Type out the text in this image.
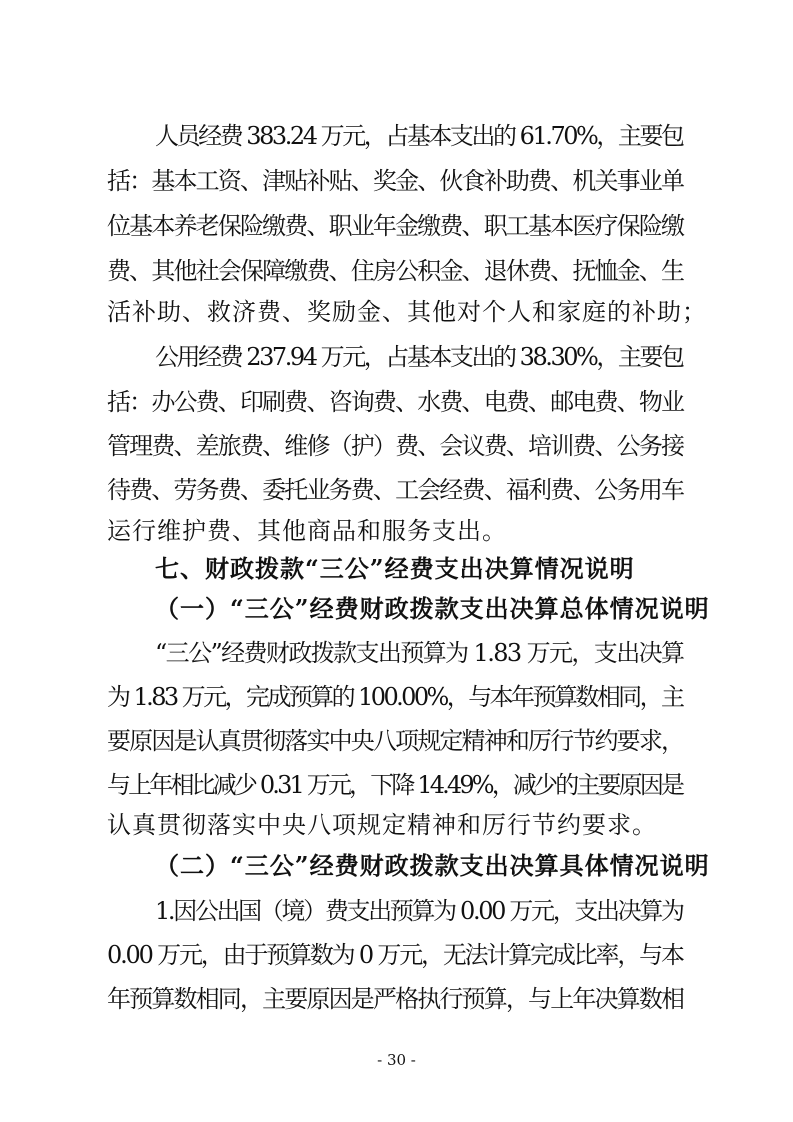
人员经费 383.24 万元，占基本支出的 61.70%，主要包
括：基本工资、津贴补贴、奖金、伙食补助费、机关事业单
位基本养老保险缴费、职业年金缴费、职工基本医疗保险缴
费、其他社会保障缴费、住房公积金、退休费、抚恤金、生
活补助、救济费、奖励金、其他对个人和家庭的补助；
公用经费 237.94 万元，占基本支出的 38.30%，主要包
括：办公费、印刷费、咨询费、水费、电费、邮电费、物业
管理费、差旅费、维修（护）费、会议费、培训费、公务接
待费、劳务费、委托业务费、工会经费、福利费、公务用车
运行维护费、其他商品和服务支出。
七、财政拨款“三公”经费支出决算情况说明
（一）“三公”经费财政拨款支出决算总体情况说明
“三公”经费财政拨款支出预算为 1.83 万元，支出决算
为 1.83 万元，完成预算的 100.00%，与本年预算数相同，主
要原因是认真贯彻落实中央八项规定精神和厉行节约要求，
与上年相比减少 0.31 万元，下降 14.49%，减少的主要原因是
认真贯彻落实中央八项规定精神和厉行节约要求。
（二）“三公”经费财政拨款支出决算具体情况说明
1.因公出国（境）费支出预算为 0.00 万元，支出决算为
0.00 万元，由于预算数为 0 万元，无法计算完成比率，与本
年预算数相同，主要原因是严格执行预算，与上年决算数相
- 30 -
